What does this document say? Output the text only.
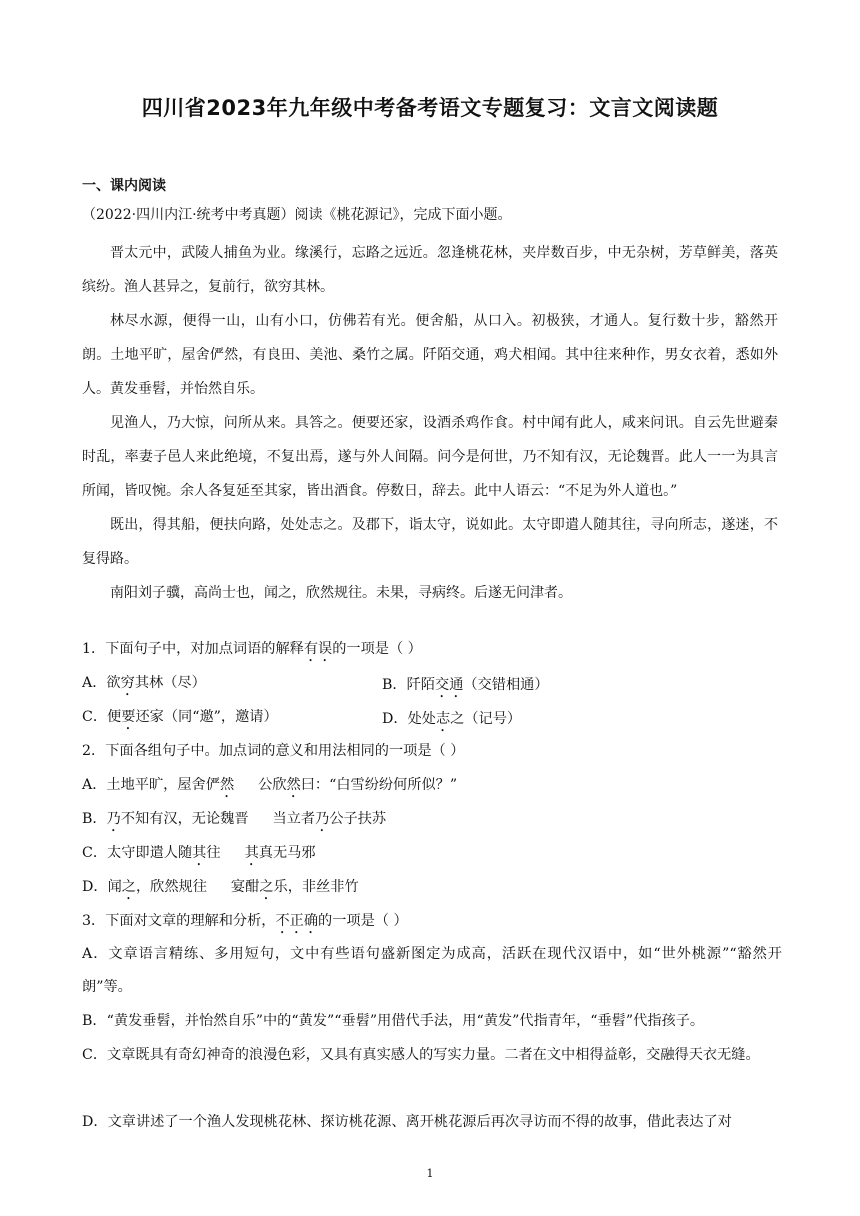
四川省2023年九年级中考备考语文专题复习：文言文阅读题
一、课内阅读
（2022·四川内江·统考中考真题）阅读《桃花源记》，完成下面小题。

晋太元中，武陵人捕鱼为业。缘溪行，忘路之远近。忽逢桃花林，夹岸数百步，中无杂树，芳草鲜美，落英缤纷。渔人甚异之，复前行，欲穷其林。

林尽水源，便得一山，山有小口，仿佛若有光。便舍船，从口入。初极狭，才通人。复行数十步，豁然开朗。土地平旷，屋舍俨然，有良田、美池、桑竹之属。阡陌交通，鸡犬相闻。其中往来种作，男女衣着，悉如外人。黄发垂髫，并怡然自乐。

见渔人，乃大惊，问所从来。具答之。便要还家，设酒杀鸡作食。村中闻有此人，咸来问讯。自云先世避秦时乱，率妻子邑人来此绝境，不复出焉，遂与外人间隔。问今是何世，乃不知有汉，无论魏晋。此人一一为具言所闻，皆叹惋。余人各复延至其家，皆出酒食。停数日，辞去。此中人语云：“不足为外人道也。”

既出，得其船，便扶向路，处处志之。及郡下，诣太守，说如此。太守即遣人随其往，寻向所志，遂迷，不复得路。

南阳刘子骥，高尚士也，闻之，欣然规往。未果，寻病终。后遂无问津者。

1．下面句子中，对加点词语的解释有误的一项是（ ）
A．欲穷其林（尽）	B．阡陌交通（交错相通）
C．便要还家（同“邀”，邀请）	D．处处志之（记号）
2．下面各组句子中。加点词的意义和用法相同的一项是（ ）
A．土地平旷，屋舍俨然 公欣然曰：“白雪纷纷何所似？”
B．乃不知有汉，无论魏晋 当立者乃公子扶苏
C．太守即遣人随其往 其真无马邪
D．闻之，欣然规往 宴酣之乐，非丝非竹
3．下面对文章的理解和分析，不正确的一项是（ ）
A．文章语言精练、多用短句，文中有些语句盛新图定为成高，活跃在现代汉语中，如“世外桃源”“豁然开朗”等。
B．“黄发垂髫，并怡然自乐”中的“黄发”“垂髫”用借代手法，用“黄发”代指青年，“垂髫”代指孩子。
C．文章既具有奇幻神奇的浪漫色彩，又具有真实感人的写实力量。二者在文中相得益彰，交融得天衣无缝。
D．文章讲述了一个渔人发现桃花林、探访桃花源、离开桃花源后再次寻访而不得的故事，借此表达了对
1
